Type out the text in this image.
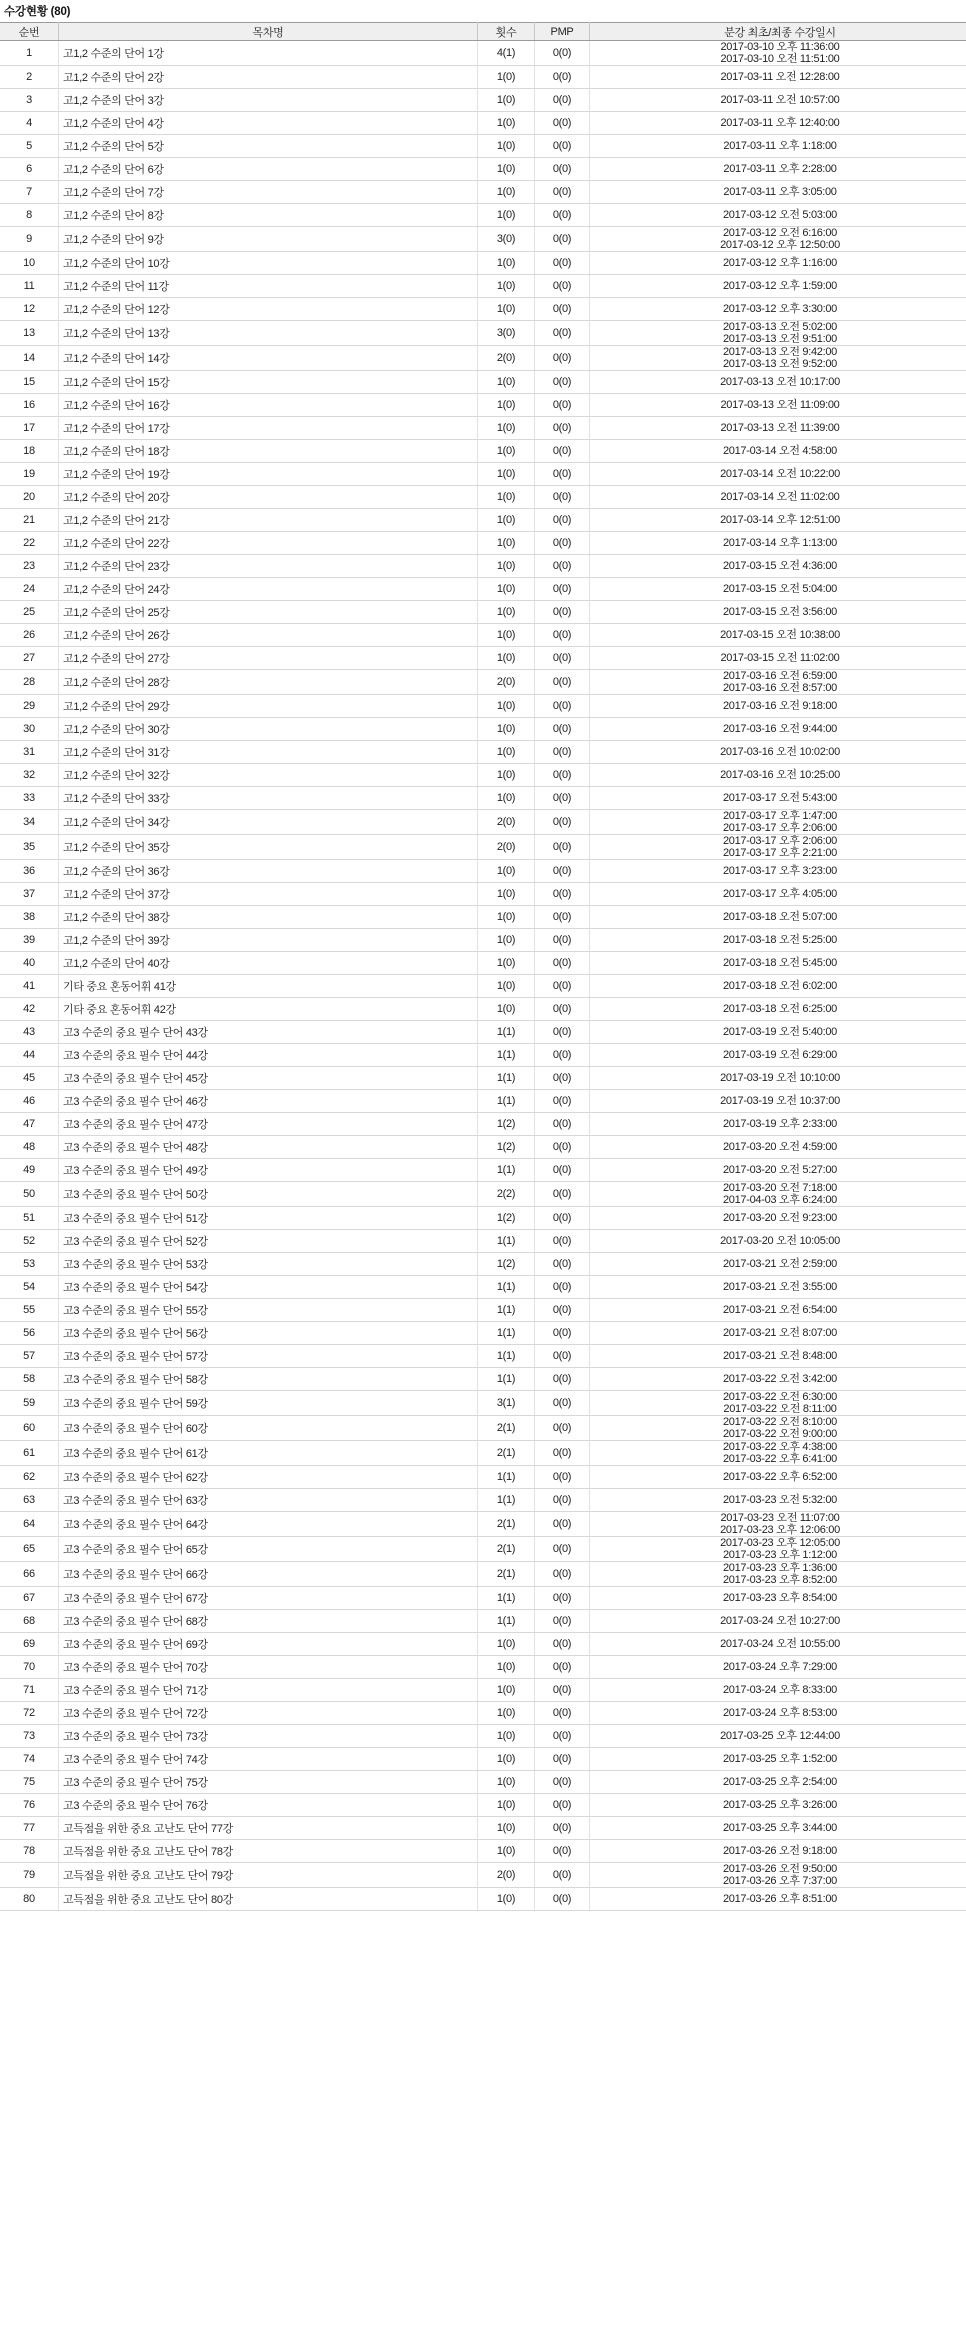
수강현황 (80)
순번	목차명	횟수	PMP	분강 최초/최종 수강일시
1	고1,2 수준의 단어 1강	4(1)	0(0)	2017-03-10 오후 11:36:00
2017-03-10 오전 11:51:00

2	고1,2 수준의 단어 2강	1(0)	0(0)	2017-03-11 오전 12:28:00

3	고1,2 수준의 단어 3강	1(0)	0(0)	2017-03-11 오전 10:57:00

4	고1,2 수준의 단어 4강	1(0)	0(0)	2017-03-11 오후 12:40:00

5	고1,2 수준의 단어 5강	1(0)	0(0)	2017-03-11 오후 1:18:00

6	고1,2 수준의 단어 6강	1(0)	0(0)	2017-03-11 오후 2:28:00

7	고1,2 수준의 단어 7강	1(0)	0(0)	2017-03-11 오후 3:05:00

8	고1,2 수준의 단어 8강	1(0)	0(0)	2017-03-12 오전 5:03:00

9	고1,2 수준의 단어 9강	3(0)	0(0)	2017-03-12 오전 6:16:00
2017-03-12 오후 12:50:00

10	고1,2 수준의 단어 10강	1(0)	0(0)	2017-03-12 오후 1:16:00

11	고1,2 수준의 단어 11강	1(0)	0(0)	2017-03-12 오후 1:59:00

12	고1,2 수준의 단어 12강	1(0)	0(0)	2017-03-12 오후 3:30:00

13	고1,2 수준의 단어 13강	3(0)	0(0)	2017-03-13 오전 5:02:00
2017-03-13 오전 9:51:00

14	고1,2 수준의 단어 14강	2(0)	0(0)	2017-03-13 오전 9:42:00
2017-03-13 오전 9:52:00

15	고1,2 수준의 단어 15강	1(0)	0(0)	2017-03-13 오전 10:17:00

16	고1,2 수준의 단어 16강	1(0)	0(0)	2017-03-13 오전 11:09:00

17	고1,2 수준의 단어 17강	1(0)	0(0)	2017-03-13 오전 11:39:00

18	고1,2 수준의 단어 18강	1(0)	0(0)	2017-03-14 오전 4:58:00

19	고1,2 수준의 단어 19강	1(0)	0(0)	2017-03-14 오전 10:22:00

20	고1,2 수준의 단어 20강	1(0)	0(0)	2017-03-14 오전 11:02:00

21	고1,2 수준의 단어 21강	1(0)	0(0)	2017-03-14 오후 12:51:00

22	고1,2 수준의 단어 22강	1(0)	0(0)	2017-03-14 오후 1:13:00

23	고1,2 수준의 단어 23강	1(0)	0(0)	2017-03-15 오전 4:36:00

24	고1,2 수준의 단어 24강	1(0)	0(0)	2017-03-15 오전 5:04:00

25	고1,2 수준의 단어 25강	1(0)	0(0)	2017-03-15 오전 3:56:00

26	고1,2 수준의 단어 26강	1(0)	0(0)	2017-03-15 오전 10:38:00

27	고1,2 수준의 단어 27강	1(0)	0(0)	2017-03-15 오전 11:02:00

28	고1,2 수준의 단어 28강	2(0)	0(0)	2017-03-16 오전 6:59:00
2017-03-16 오전 8:57:00

29	고1,2 수준의 단어 29강	1(0)	0(0)	2017-03-16 오전 9:18:00

30	고1,2 수준의 단어 30강	1(0)	0(0)	2017-03-16 오전 9:44:00

31	고1,2 수준의 단어 31강	1(0)	0(0)	2017-03-16 오전 10:02:00

32	고1,2 수준의 단어 32강	1(0)	0(0)	2017-03-16 오전 10:25:00

33	고1,2 수준의 단어 33강	1(0)	0(0)	2017-03-17 오전 5:43:00

34	고1,2 수준의 단어 34강	2(0)	0(0)	2017-03-17 오후 1:47:00
2017-03-17 오후 2:06:00

35	고1,2 수준의 단어 35강	2(0)	0(0)	2017-03-17 오후 2:06:00
2017-03-17 오후 2:21:00

36	고1,2 수준의 단어 36강	1(0)	0(0)	2017-03-17 오후 3:23:00

37	고1,2 수준의 단어 37강	1(0)	0(0)	2017-03-17 오후 4:05:00

38	고1,2 수준의 단어 38강	1(0)	0(0)	2017-03-18 오전 5:07:00

39	고1,2 수준의 단어 39강	1(0)	0(0)	2017-03-18 오전 5:25:00

40	고1,2 수준의 단어 40강	1(0)	0(0)	2017-03-18 오전 5:45:00

41	기타 중요 혼동어휘 41강	1(0)	0(0)	2017-03-18 오전 6:02:00

42	기타 중요 혼동어휘 42강	1(0)	0(0)	2017-03-18 오전 6:25:00

43	고3 수준의 중요 필수 단어 43강	1(1)	0(0)	2017-03-19 오전 5:40:00

44	고3 수준의 중요 필수 단어 44강	1(1)	0(0)	2017-03-19 오전 6:29:00

45	고3 수준의 중요 필수 단어 45강	1(1)	0(0)	2017-03-19 오전 10:10:00

46	고3 수준의 중요 필수 단어 46강	1(1)	0(0)	2017-03-19 오전 10:37:00

47	고3 수준의 중요 필수 단어 47강	1(2)	0(0)	2017-03-19 오후 2:33:00

48	고3 수준의 중요 필수 단어 48강	1(2)	0(0)	2017-03-20 오전 4:59:00

49	고3 수준의 중요 필수 단어 49강	1(1)	0(0)	2017-03-20 오전 5:27:00

50	고3 수준의 중요 필수 단어 50강	2(2)	0(0)	2017-03-20 오전 7:18:00
2017-04-03 오후 6:24:00

51	고3 수준의 중요 필수 단어 51강	1(2)	0(0)	2017-03-20 오전 9:23:00

52	고3 수준의 중요 필수 단어 52강	1(1)	0(0)	2017-03-20 오전 10:05:00

53	고3 수준의 중요 필수 단어 53강	1(2)	0(0)	2017-03-21 오전 2:59:00

54	고3 수준의 중요 필수 단어 54강	1(1)	0(0)	2017-03-21 오전 3:55:00

55	고3 수준의 중요 필수 단어 55강	1(1)	0(0)	2017-03-21 오전 6:54:00

56	고3 수준의 중요 필수 단어 56강	1(1)	0(0)	2017-03-21 오전 8:07:00

57	고3 수준의 중요 필수 단어 57강	1(1)	0(0)	2017-03-21 오전 8:48:00

58	고3 수준의 중요 필수 단어 58강	1(1)	0(0)	2017-03-22 오전 3:42:00

59	고3 수준의 중요 필수 단어 59강	3(1)	0(0)	2017-03-22 오전 6:30:00
2017-03-22 오전 8:11:00

60	고3 수준의 중요 필수 단어 60강	2(1)	0(0)	2017-03-22 오전 8:10:00
2017-03-22 오전 9:00:00

61	고3 수준의 중요 필수 단어 61강	2(1)	0(0)	2017-03-22 오후 4:38:00
2017-03-22 오후 6:41:00

62	고3 수준의 중요 필수 단어 62강	1(1)	0(0)	2017-03-22 오후 6:52:00

63	고3 수준의 중요 필수 단어 63강	1(1)	0(0)	2017-03-23 오전 5:32:00

64	고3 수준의 중요 필수 단어 64강	2(1)	0(0)	2017-03-23 오전 11:07:00
2017-03-23 오후 12:06:00

65	고3 수준의 중요 필수 단어 65강	2(1)	0(0)	2017-03-23 오후 12:05:00
2017-03-23 오후 1:12:00

66	고3 수준의 중요 필수 단어 66강	2(1)	0(0)	2017-03-23 오후 1:36:00
2017-03-23 오후 8:52:00

67	고3 수준의 중요 필수 단어 67강	1(1)	0(0)	2017-03-23 오후 8:54:00

68	고3 수준의 중요 필수 단어 68강	1(1)	0(0)	2017-03-24 오전 10:27:00

69	고3 수준의 중요 필수 단어 69강	1(0)	0(0)	2017-03-24 오전 10:55:00

70	고3 수준의 중요 필수 단어 70강	1(0)	0(0)	2017-03-24 오후 7:29:00

71	고3 수준의 중요 필수 단어 71강	1(0)	0(0)	2017-03-24 오후 8:33:00

72	고3 수준의 중요 필수 단어 72강	1(0)	0(0)	2017-03-24 오후 8:53:00

73	고3 수준의 중요 필수 단어 73강	1(0)	0(0)	2017-03-25 오후 12:44:00

74	고3 수준의 중요 필수 단어 74강	1(0)	0(0)	2017-03-25 오후 1:52:00

75	고3 수준의 중요 필수 단어 75강	1(0)	0(0)	2017-03-25 오후 2:54:00

76	고3 수준의 중요 필수 단어 76강	1(0)	0(0)	2017-03-25 오후 3:26:00

77	고득점을 위한 중요 고난도 단어 77강	1(0)	0(0)	2017-03-25 오후 3:44:00

78	고득점을 위한 중요 고난도 단어 78강	1(0)	0(0)	2017-03-26 오전 9:18:00

79	고득점을 위한 중요 고난도 단어 79강	2(0)	0(0)	2017-03-26 오전 9:50:00
2017-03-26 오후 7:37:00

80	고득점을 위한 중요 고난도 단어 80강	1(0)	0(0)	2017-03-26 오후 8:51:00
